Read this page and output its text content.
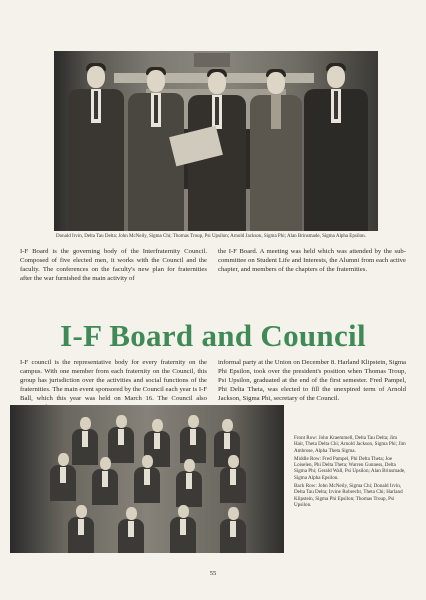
Donald Irvin, Delta Tau Delta; John McNeily, Sigma Chi; Thomas Troup, Psi Upsilon; Arnold Jackson, Sigma Phi; Alan Brinsmade, Sigma Alpha Epsilon.

I-F Board is the governing body of the Interfraternity Council. Composed of five elected men, it works with the Council and the faculty. The conferences on the faculty's new plan for fraternities after the war furnished the main activity of

the I-F Board. A meeting was held which was attended by the sub-committee on Student Life and Interests, the Alumni from each active chapter, and members of the chapters of the fraternities.

I-F Board and Council

I-F council is the representative body for every fraternity on the campus. With one member from each fraternity on the Council, this group has jurisdiction over the activities and social functions of the fraternities. The main event sponsored by the Council each year is I-F Ball, which this year was held on March 16. The Council also

informal party at the Union on December 8. Harland Klipstein, Sigma Phi Epsilon, took over the president's position when Thomas Troup, Psi Upsilon, graduated at the end of the first semester. Fred Pampel, Phi Delta Theta, was elected to fill the unexpired term of Arnold Jackson, Sigma Phi, secretary of the Council.

Front Row: John Kraemmell, Delta Tau Delta; Jim Hair, Theta Delta Chi; Arnold Jackson, Sigma Phi; Jim Ambrose, Alpha Theta Sigma.

Middle Row: Fred Pampel, Phi Delta Theta; Joe Loiselen, Phi Delta Theta; Warren Gunness, Delta Sigma Phi; Gerald Wall, Psi Upsilon; Alan Brinsmade, Sigma Alpha Epsilon.

Back Row: John McNeily, Sigma Chi; Donald Irvin, Delta Tau Delta; Irvine Robrecht, Theta Chi; Harland Klipstein, Sigma Phi Epsilon; Thomas Troup, Psi Upsilon.

55
